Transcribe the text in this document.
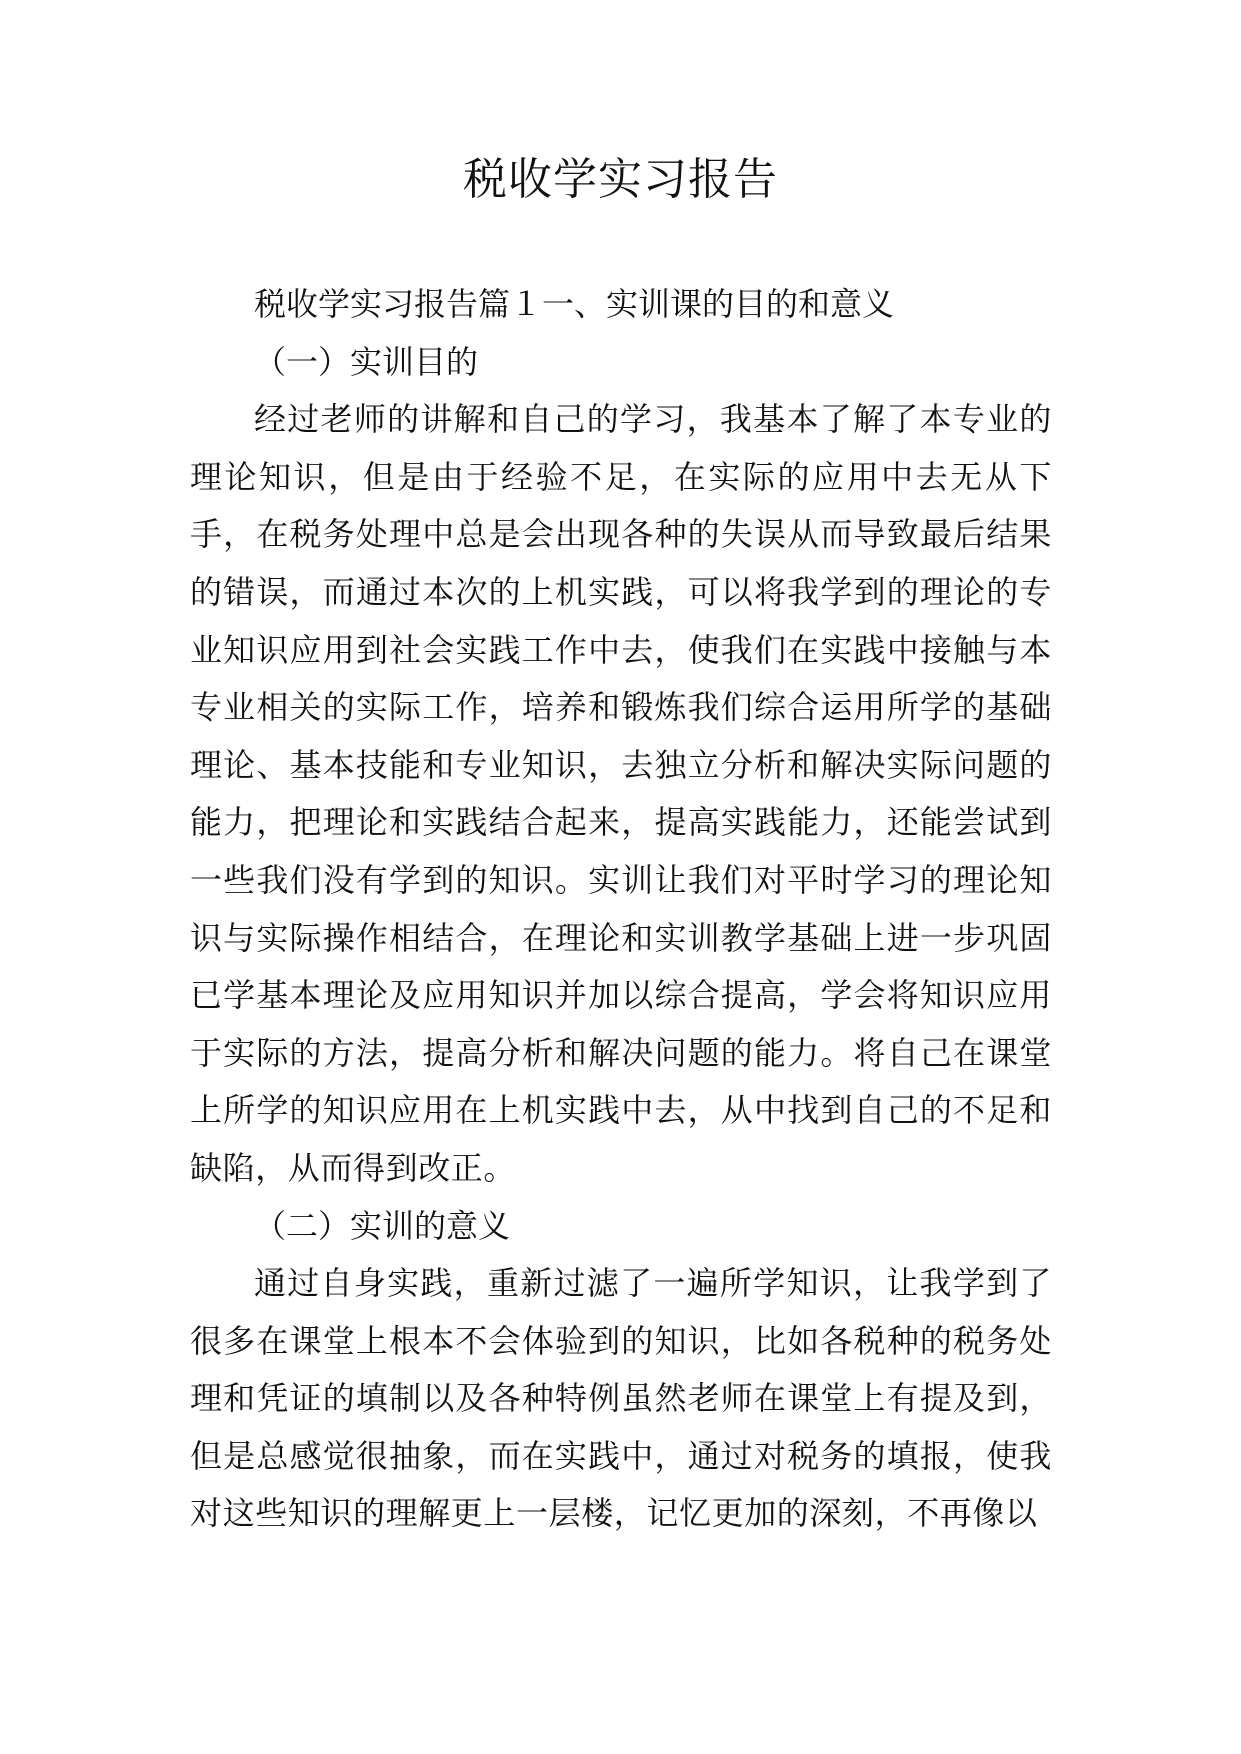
税收学实习报告

税收学实习报告篇１一、实训课的目的和意义

（一）实训目的

经过老师的讲解和自己的学习，我基本了解了本专业的理论知识，但是由于经验不足，在实际的应用中去无从下手，在税务处理中总是会出现各种的失误从而导致最后结果的错误，而通过本次的上机实践，可以将我学到的理论的专业知识应用到社会实践工作中去，使我们在实践中接触与本专业相关的实际工作，培养和锻炼我们综合运用所学的基础理论、基本技能和专业知识，去独立分析和解决实际问题的能力，把理论和实践结合起来，提高实践能力，还能尝试到一些我们没有学到的知识。实训让我们对平时学习的理论知识与实际操作相结合，在理论和实训教学基础上进一步巩固已学基本理论及应用知识并加以综合提高，学会将知识应用于实际的方法，提高分析和解决问题的能力。将自己在课堂上所学的知识应用在上机实践中去，从中找到自己的不足和缺陷，从而得到改正。

（二）实训的意义

通过自身实践，重新过滤了一遍所学知识，让我学到了很多在课堂上根本不会体验到的知识，比如各税种的税务处理和凭证的填制以及各种特例虽然老师在课堂上有提及到，但是总感觉很抽象，而在实践中，通过对税务的填报，使我对这些知识的理解更上一层楼，记忆更加的深刻，不再像以
